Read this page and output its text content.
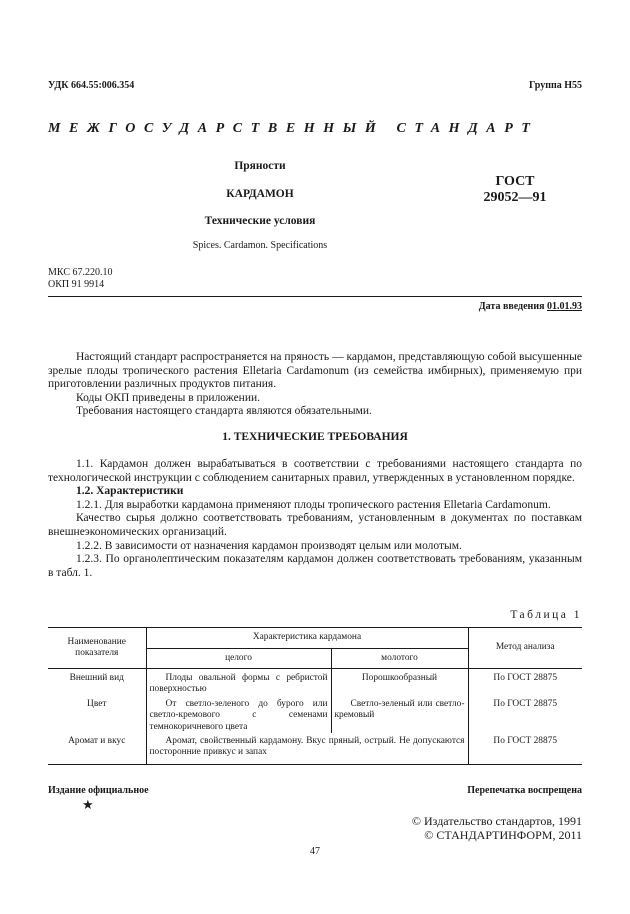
УДК 664.55:006.354	Группа Н55
МЕЖГОСУДАРСТВЕННЫЙ СТАНДАРТ
Пряности
КАРДАМОН
Технические условия
Spices. Cardamon. Specifications
ГОСТ
29052—91
МКС 67.220.10
ОКП 91 9914
Дата введения 01.01.93

Настоящий стандарт распространяется на пряность — кардамон, представляющую собой высушенные зрелые плоды тропического растения Elletaria Cardamonum (из семейства имбирных), применяемую при приготовлении различных продуктов питания.

Коды ОКП приведены в приложении.

Требования настоящего стандарта являются обязательными.

1. ТЕХНИЧЕСКИЕ ТРЕБОВАНИЯ

1.1. Кардамон должен вырабатываться в соответствии с требованиями настоящего стандарта по технологической инструкции с соблюдением санитарных правил, утвержденных в установленном порядке.

1.2. Характеристики

1.2.1. Для выработки кардамона применяют плоды тропического растения Elletaria Cardamonum.

Качество сырья должно соответствовать требованиям, установленным в документах по поставкам внешнеэкономических организаций.

1.2.2. В зависимости от назначения кардамон производят целым или молотым.

1.2.3. По органолептическим показателям кардамон должен соответствовать требованиям, указанным в табл. 1.

Таблица 1
Наименование показателя	Характеристика кардамона		Метод анализа
	целого	молотого	
Внешний вид	Плоды овальной формы с ребристой поверхностью	Порошкообразный	По ГОСТ 28875
Цвет	От светло-зеленого до бурого или светло-кремового с семенами темнокоричневого цвета	Светло-зеленый или светло-кремовый	По ГОСТ 28875
Аромат и вкус	Аромат, свойственный кардамону. Вкус пряный, острый. Не допускаются посторонние привкус и запах		По ГОСТ 28875
Издание официальное	Перепечатка воспрещена
★
© Издательство стандартов, 1991
© СТАНДАРТИНФОРМ, 2011
47
